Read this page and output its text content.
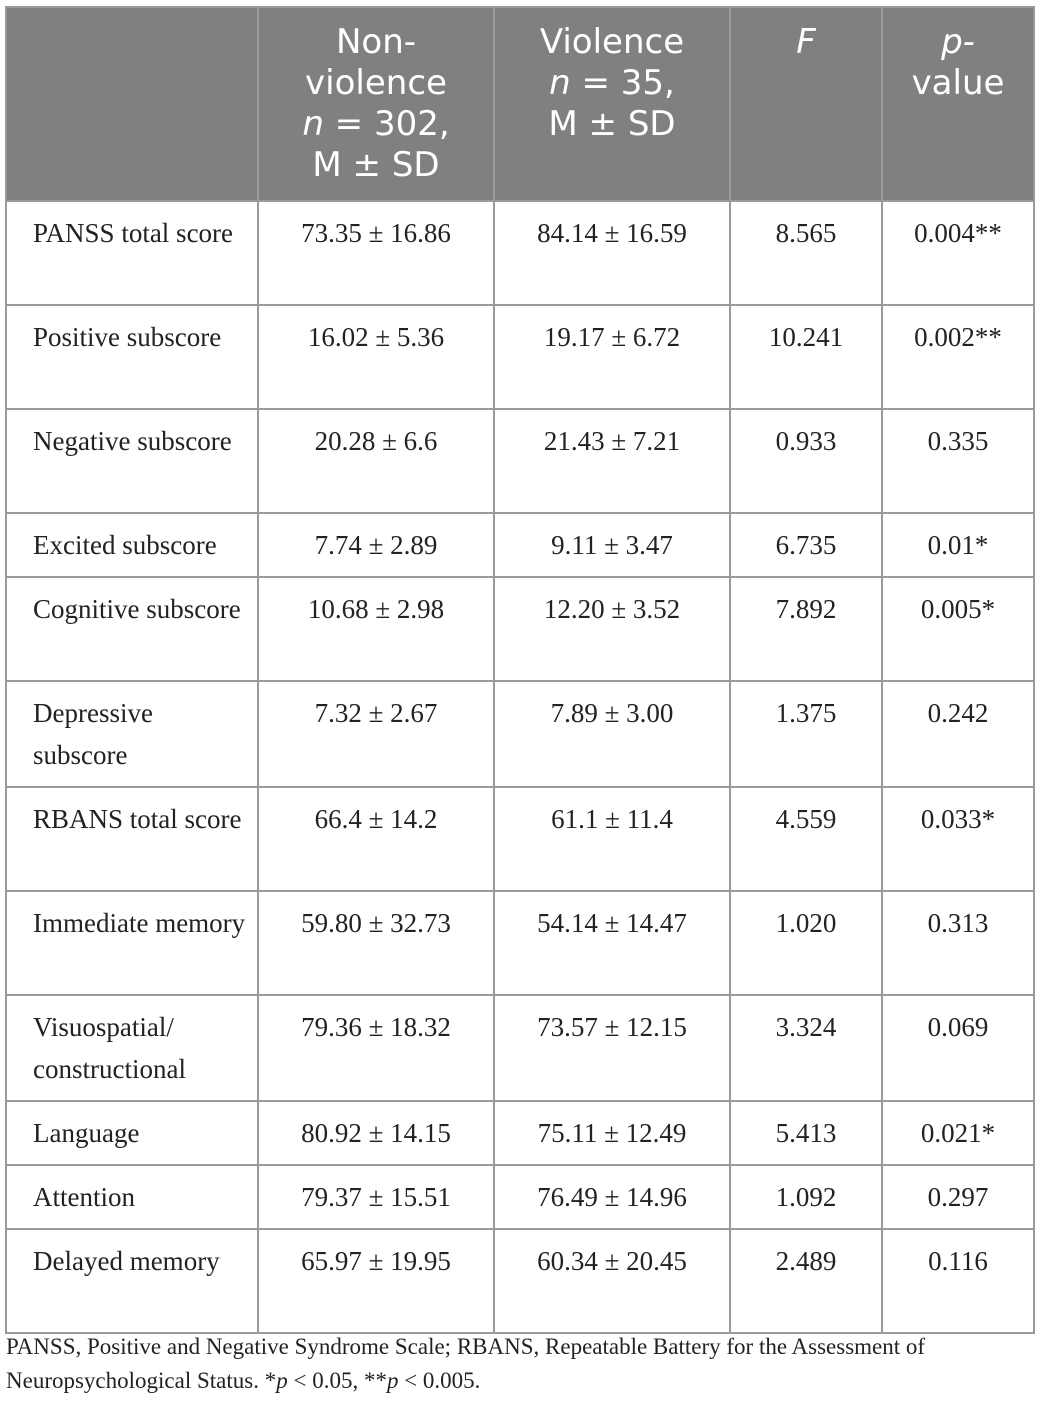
	Non-
violence
n = 302,
M ± SD	Violence
n = 35,
M ± SD	F	p-
value
PANSS total score	73.35 ± 16.86	84.14 ± 16.59	8.565	0.004**
Positive subscore	16.02 ± 5.36	19.17 ± 6.72	10.241	0.002**
Negative subscore	20.28 ± 6.6	21.43 ± 7.21	0.933	0.335
Excited subscore	7.74 ± 2.89	9.11 ± 3.47	6.735	0.01*
Cognitive subscore	10.68 ± 2.98	12.20 ± 3.52	7.892	0.005*
Depressive subscore	7.32 ± 2.67	7.89 ± 3.00	1.375	0.242
RBANS total score	66.4 ± 14.2	61.1 ± 11.4	4.559	0.033*
Immediate memory	59.80 ± 32.73	54.14 ± 14.47	1.020	0.313
Visuospatial/ constructional	79.36 ± 18.32	73.57 ± 12.15	3.324	0.069
Language	80.92 ± 14.15	75.11 ± 12.49	5.413	0.021*
Attention	79.37 ± 15.51	76.49 ± 14.96	1.092	0.297
Delayed memory	65.97 ± 19.95	60.34 ± 20.45	2.489	0.116
PANSS, Positive and Negative Syndrome Scale; RBANS, Repeatable Battery for the Assessment of Neuropsychological Status. *p < 0.05, **p < 0.005.
